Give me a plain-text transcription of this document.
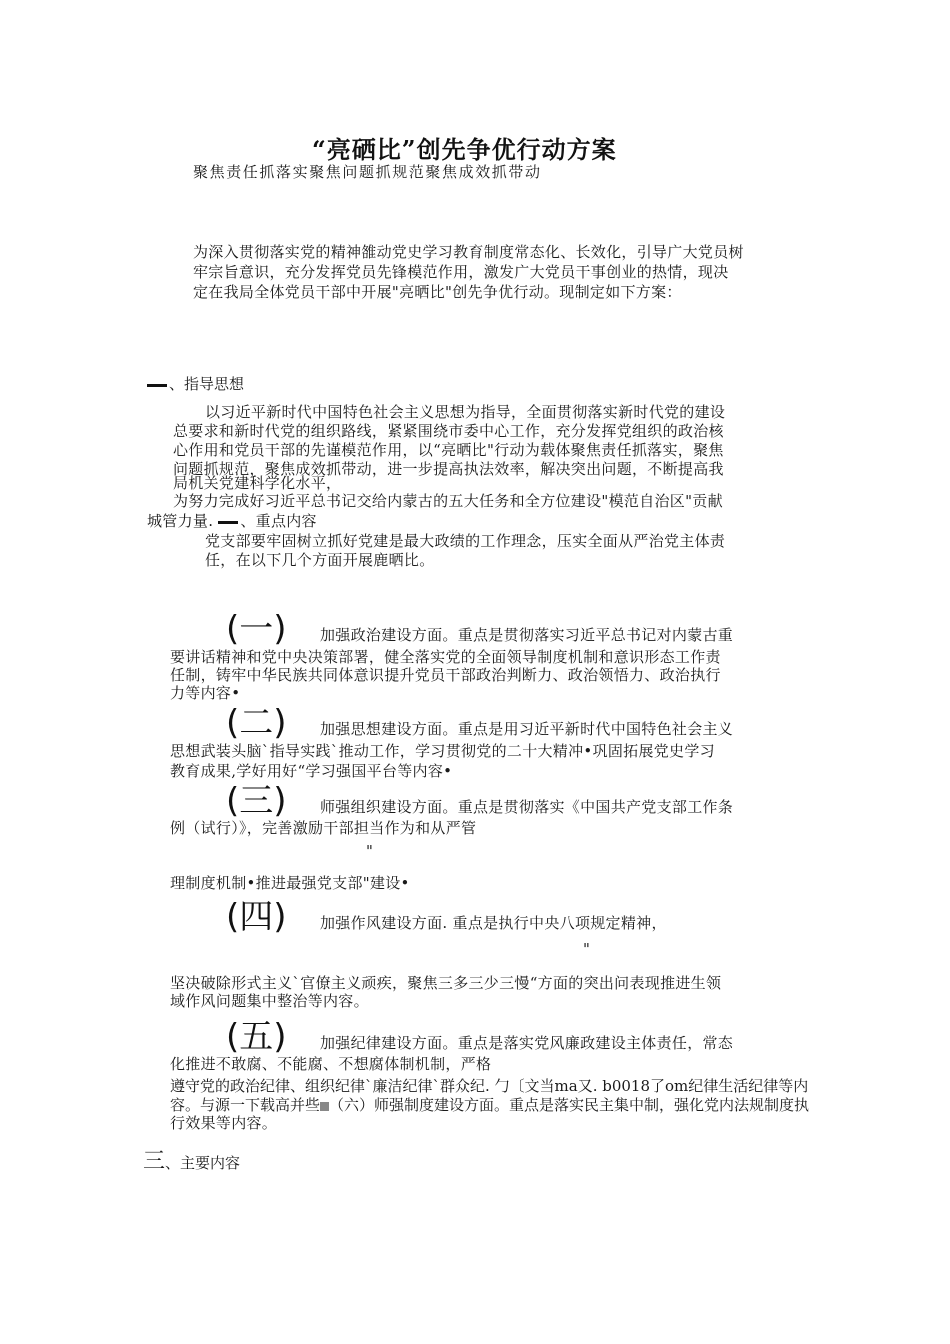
“亮硒比”创先争优行动方案
聚焦责任抓落实聚焦问题抓规范聚焦成效抓带动
为深入贯彻落实党的精神雒动党史学习教育制度常态化、长效化，引导广大党员树
牢宗旨意识，充分发挥党员先锋模范作用，激发广大党员干事创业的热情，现决
定在我局全体党员干部中开展"亮晒比"创先争优行动。现制定如下方案：
、指导思想
以习近平新时代中国特色社会主义思想为指导，全面贯彻落实新时代党的建设
总要求和新时代党的组织路线，紧紧围绕市委中心工作，充分发挥党组织的政治核
心作用和党员干部的先谨模范作用，以“亮晒比"行动为载体聚焦责任抓落实，聚焦
问题抓规范，聚焦成效抓带动，进一步提高执法效率，解决突出问题，不断提高我
局机关党建科学化水平，
为努力完成好习近平总书记交给内蒙古的五大任务和全方位建设"模范自治区"贡献
城管力量. 、重点内容
党支部要牢固树立抓好党建是最大政绩的工作理念，压实全面从严治党主体责
任，在以下几个方面开展鹿晒比。
(一) 加强政治建设方面。重点是贯彻落实习近平总书记对内蒙古重
要讲话精神和党中央决策部署，健全落实党的全面领导制度机制和意识形态工作责
任制，铸牢中华民族共同体意识提升党员干部政治判断力、政治领悟力、政治执行
力等内容•
(二) 加强思想建设方面。重点是用习近平新时代中国特色社会主义
思想武装头脑`指导实践`推动工作，学习贯彻党的二十大精冲•巩固拓展党史学习
教育成果,学好用好“学习强国平台等内容•
(三) 师强组织建设方面。重点是贯彻落实《中国共产党支部工作条
例（试行）》，完善激励干部担当作为和从严管
"
理制度机制•推进最强党支部"建设•
(四) 加强作风建设方面. 重点是执行中央八项规定精神，
"
坚决破除形式主义`官僚主义顽疾，聚焦三多三少三慢“方面的突出问表现推进生领
域作风问题集中整治等内容。
(五) 加强纪律建设方面。重点是落实党风廉政建设主体责任，常态
化推进不敢腐、不能腐、不想腐体制机制，严格
遵守党的政治纪律、组织纪律`廉洁纪律`群众纪. 勹〔文当ma又. b0018了om纪律生活纪律等内
容。与源一下载高并些 （六）师强制度建设方面。重点是落实民主集中制，强化党内法规制度执
行效果等内容。
三、主要内容
